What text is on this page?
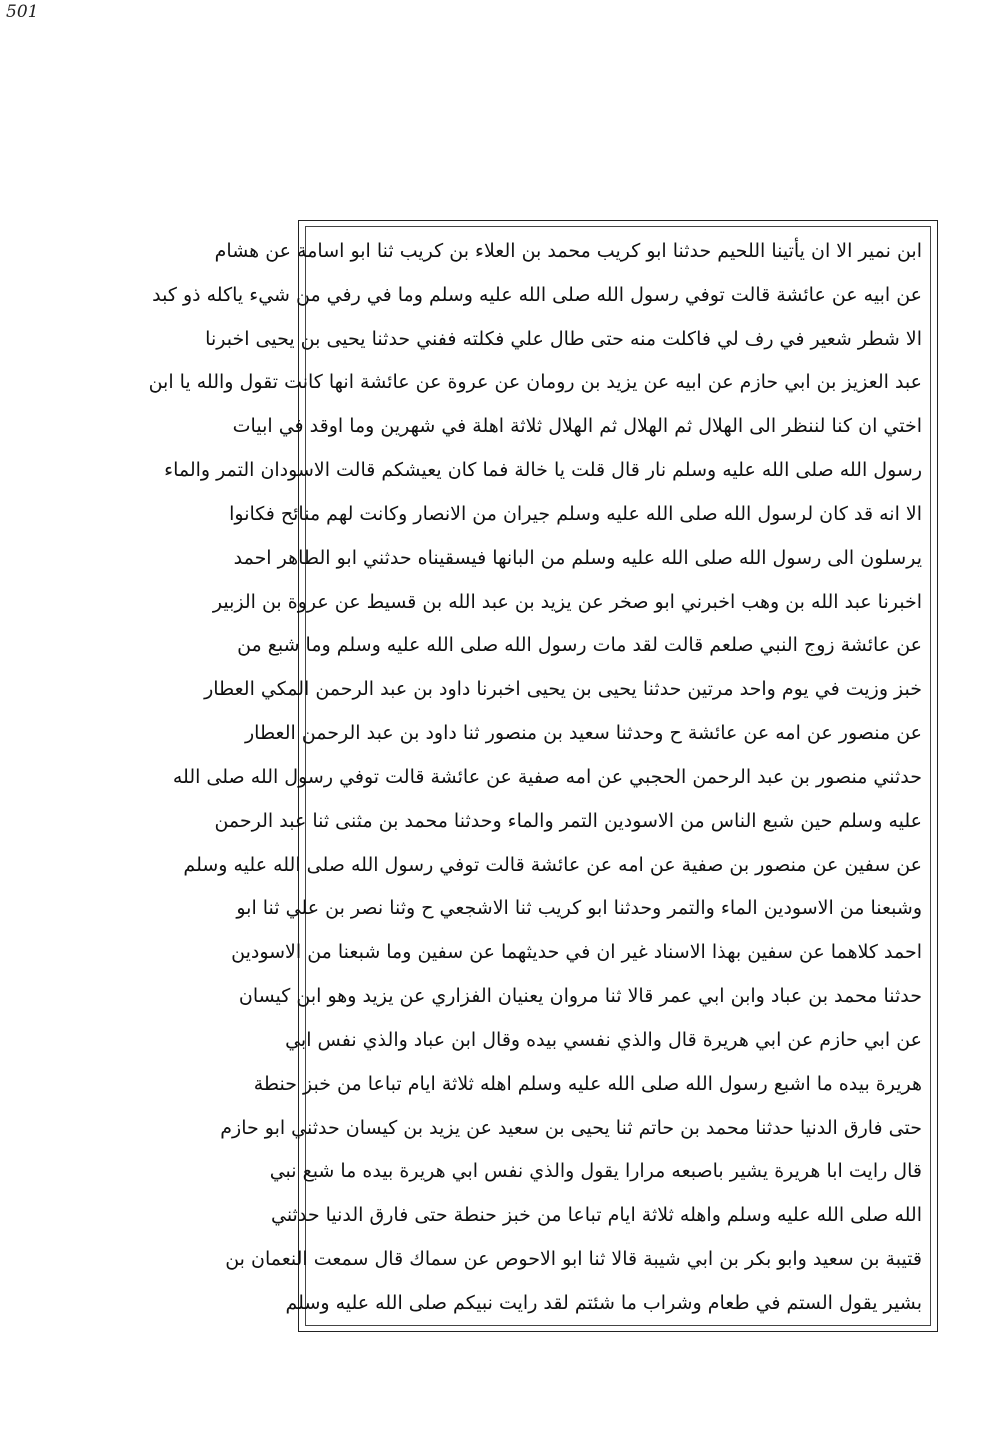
501
ابن نمير الا ان يأتينا اللحيم حدثنا ابو كريب محمد بن العلاء بن كريب ثنا ابو اسامة عن هشام
عن ابيه عن عائشة قالت توفي رسول الله صلى الله عليه وسلم وما في رفي من شيء ياكله ذو كبد
الا شطر شعير في رف لي فاكلت منه حتى طال علي فكلته ففني حدثنا يحيى بن يحيى اخبرنا
عبد العزيز بن ابي حازم عن ابيه عن يزيد بن رومان عن عروة عن عائشة انها كانت تقول والله يا ابن
اختي ان كنا لننظر الى الهلال ثم الهلال ثم الهلال ثلاثة اهلة في شهرين وما اوقد في ابيات
رسول الله صلى الله عليه وسلم نار قال قلت يا خالة فما كان يعيشكم قالت الاسودان التمر والماء
الا انه قد كان لرسول الله صلى الله عليه وسلم جيران من الانصار وكانت لهم منائح فكانوا
يرسلون الى رسول الله صلى الله عليه وسلم من البانها فيسقيناه حدثني ابو الطاهر احمد
اخبرنا عبد الله بن وهب اخبرني ابو صخر عن يزيد بن عبد الله بن قسيط عن عروة بن الزبير
عن عائشة زوج النبي صلعم قالت لقد مات رسول الله صلى الله عليه وسلم وما شبع من
خبز وزيت في يوم واحد مرتين حدثنا يحيى بن يحيى اخبرنا داود بن عبد الرحمن المكي العطار
عن منصور عن امه عن عائشة ح وحدثنا سعيد بن منصور ثنا داود بن عبد الرحمن العطار
حدثني منصور بن عبد الرحمن الحجبي عن امه صفية عن عائشة قالت توفي رسول الله صلى الله
عليه وسلم حين شبع الناس من الاسودين التمر والماء وحدثنا محمد بن مثنى ثنا عبد الرحمن
عن سفين عن منصور بن صفية عن امه عن عائشة قالت توفي رسول الله صلى الله عليه وسلم
وشبعنا من الاسودين الماء والتمر وحدثنا ابو كريب ثنا الاشجعي ح وثنا نصر بن علي ثنا ابو
احمد كلاهما عن سفين بهذا الاسناد غير ان في حديثهما عن سفين وما شبعنا من الاسودين
حدثنا محمد بن عباد وابن ابي عمر قالا ثنا مروان يعنيان الفزاري عن يزيد وهو ابن كيسان
عن ابي حازم عن ابي هريرة قال والذي نفسي بيده وقال ابن عباد والذي نفس ابي
هريرة بيده ما اشبع رسول الله صلى الله عليه وسلم اهله ثلاثة ايام تباعا من خبز حنطة
حتى فارق الدنيا حدثنا محمد بن حاتم ثنا يحيى بن سعيد عن يزيد بن كيسان حدثني ابو حازم
قال رايت ابا هريرة يشير باصبعه مرارا يقول والذي نفس ابي هريرة بيده ما شبع نبي
الله صلى الله عليه وسلم واهله ثلاثة ايام تباعا من خبز حنطة حتى فارق الدنيا حدثني
قتيبة بن سعيد وابو بكر بن ابي شيبة قالا ثنا ابو الاحوص عن سماك قال سمعت النعمان بن
بشير يقول الستم في طعام وشراب ما شئتم لقد رايت نبيكم صلى الله عليه وسلم
